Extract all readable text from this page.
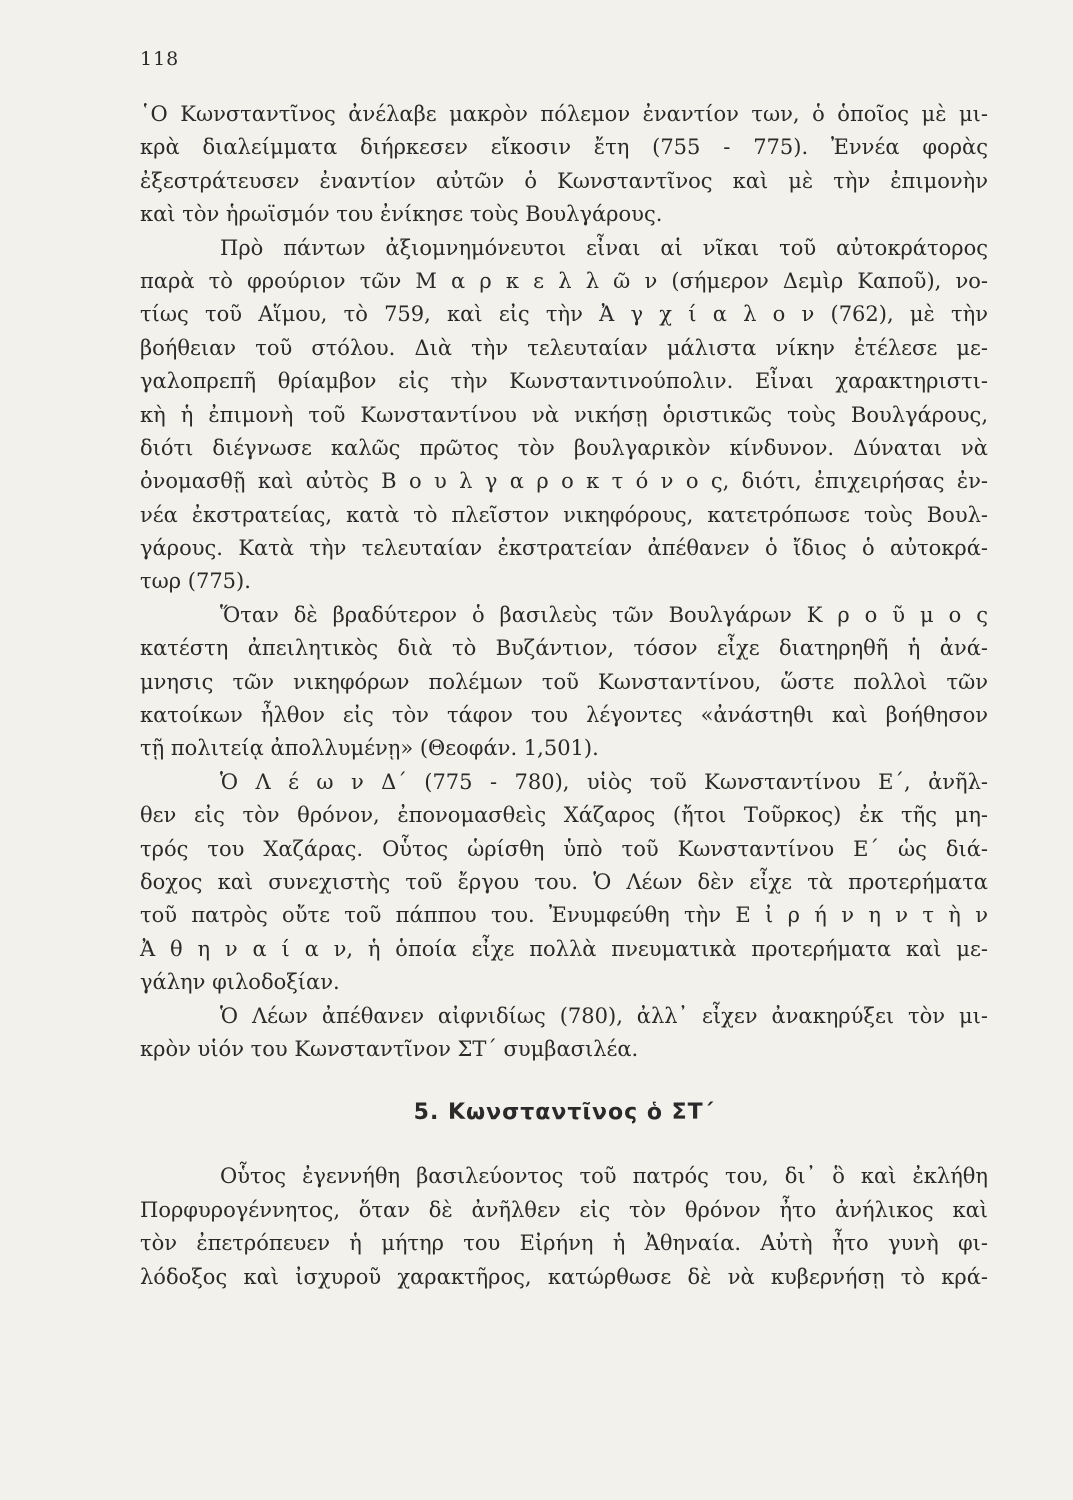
118
῾Ο Κωνσταντῖνος ἀνέλαβε μακρὸν πόλεμον ἐναντίον των, ὁ ὁποῖος μὲ μι-
κρὰ διαλείμματα διήρκεσεν εἴκοσιν ἔτη (755 - 775). Ἐννέα φορὰς
ἐξεστράτευσεν ἐναντίον αὐτῶν ὁ Κωνσταντῖνος καὶ μὲ τὴν ἐπιμονὴν
καὶ τὸν ἡρωϊσμόν του ἐνίκησε τοὺς Βουλγάρους.
Πρὸ πάντων ἀξιομνημόνευτοι εἶναι αἱ νῖκαι τοῦ αὐτοκράτορος
παρὰ τὸ φρούριον τῶν Μ α ρ κ ε λ λ ῶ ν (σήμερον Δεμὶρ Καποῦ), νο-
τίως τοῦ Αἵμου, τὸ 759, καὶ εἰς τὴν Ἀ γ χ ί α λ ο ν (762), μὲ τὴν
βοήθειαν τοῦ στόλου. Διὰ τὴν τελευταίαν μάλιστα νίκην ἐτέλεσε με-
γαλοπρεπῆ θρίαμβον εἰς τὴν Κωνσταντινούπολιν. Εἶναι χαρακτηριστι-
κὴ ἡ ἐπιμονὴ τοῦ Κωνσταντίνου νὰ νικήσῃ ὁριστικῶς τοὺς Βουλγάρους,
διότι διέγνωσε καλῶς πρῶτος τὸν βουλγαρικὸν κίνδυνον. Δύναται νὰ
ὀνομασθῇ καὶ αὐτὸς Β ο υ λ γ α ρ ο κ τ ό ν ο ς, διότι, ἐπιχειρήσας ἐν-
νέα ἐκστρατείας, κατὰ τὸ πλεῖστον νικηφόρους, κατετρόπωσε τοὺς Βουλ-
γάρους. Κατὰ τὴν τελευταίαν ἐκστρατείαν ἀπέθανεν ὁ ἴδιος ὁ αὐτοκρά-
τωρ (775).
Ὅταν δὲ βραδύτερον ὁ βασιλεὺς τῶν Βουλγάρων Κ ρ ο ῦ μ ο ς
κατέστη ἀπειλητικὸς διὰ τὸ Βυζάντιον, τόσον εἶχε διατηρηθῆ ἡ ἀνά-
μνησις τῶν νικηφόρων πολέμων τοῦ Κωνσταντίνου, ὥστε πολλοὶ τῶν
κατοίκων ἦλθον εἰς τὸν τάφον του λέγοντες «ἀνάστηθι καὶ βοήθησον
τῇ πολιτείᾳ ἀπολλυμένῃ» (Θεοφάν. 1,501).
Ὁ Λ έ ω ν Δ΄ (775 - 780), υἱὸς τοῦ Κωνσταντίνου Ε΄, ἀνῆλ-
θεν εἰς τὸν θρόνον, ἐπονομασθεὶς Χάζαρος (ἤτοι Τοῦρκος) ἐκ τῆς μη-
τρός του Χαζάρας. Οὗτος ὡρίσθη ὑπὸ τοῦ Κωνσταντίνου Ε΄ ὡς διά-
δοχος καὶ συνεχιστὴς τοῦ ἔργου του. Ὁ Λέων δὲν εἶχε τὰ προτερήματα
τοῦ πατρὸς οὔτε τοῦ πάππου του. Ἐνυμφεύθη τὴν Ε ἰ ρ ή ν η ν τ ὴ ν
Ἀ θ η ν α ί α ν, ἡ ὁποία εἶχε πολλὰ πνευματικὰ προτερήματα καὶ με-
γάλην φιλοδοξίαν.
Ὁ Λέων ἀπέθανεν αἰφνιδίως (780), ἀλλ᾽ εἶχεν ἀνακηρύξει τὸν μι-
κρὸν υἱόν του Κωνσταντῖνον ΣΤ΄ συμβασιλέα.
5. Κωνσταντῖνος ὁ ΣΤ΄
Οὗτος ἐγεννήθη βασιλεύοντος τοῦ πατρός του, δι᾽ ὃ καὶ ἐκλήθη
Πορφυρογέννητος, ὅταν δὲ ἀνῆλθεν εἰς τὸν θρόνον ἦτο ἀνήλικος καὶ
τὸν ἐπετρόπευεν ἡ μήτηρ του Εἰρήνη ἡ Ἀθηναία. Αὐτὴ ἦτο γυνὴ φι-
λόδοξος καὶ ἰσχυροῦ χαρακτῆρος, κατώρθωσε δὲ νὰ κυβερνήσῃ τὸ κρά-
